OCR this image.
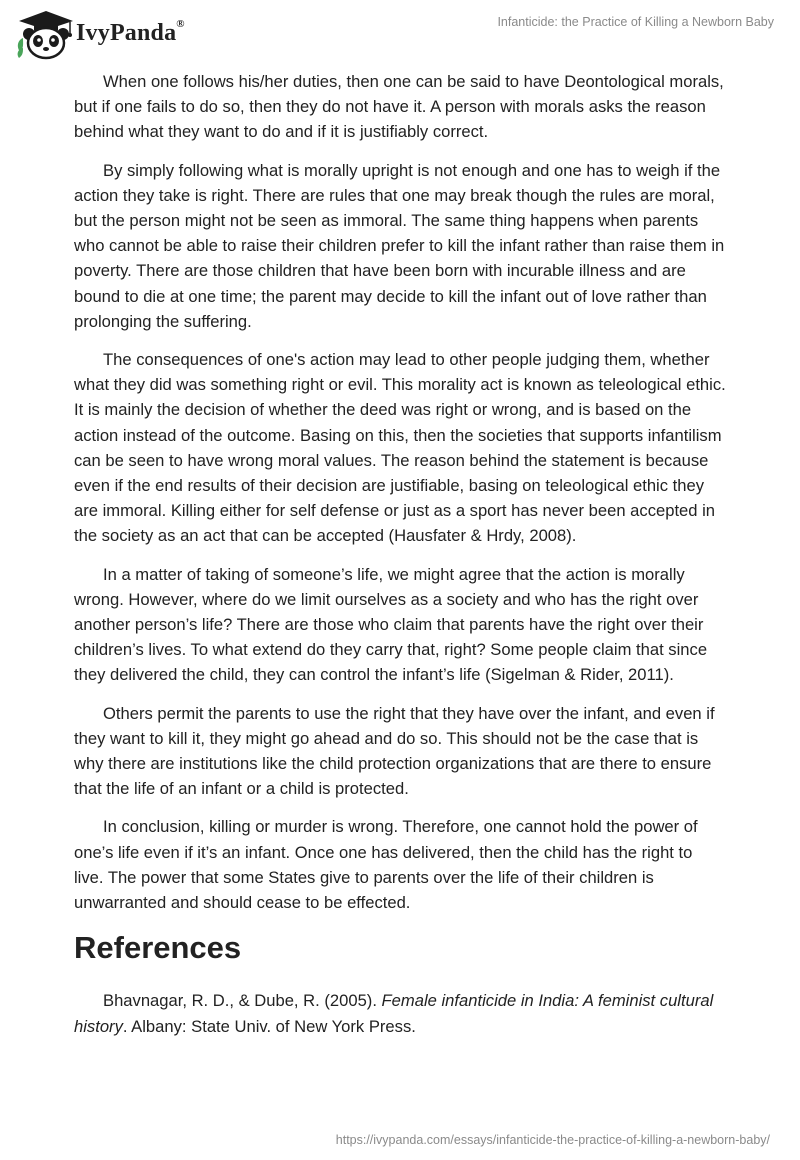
IvyPanda®	Infanticide: the Practice of Killing a Newborn Baby

When one follows his/her duties, then one can be said to have Deontological morals, but if one fails to do so, then they do not have it. A person with morals asks the reason behind what they want to do and if it is justifiably correct.

By simply following what is morally upright is not enough and one has to weigh if the action they take is right. There are rules that one may break though the rules are moral, but the person might not be seen as immoral. The same thing happens when parents who cannot be able to raise their children prefer to kill the infant rather than raise them in poverty. There are those children that have been born with incurable illness and are bound to die at one time; the parent may decide to kill the infant out of love rather than prolonging the suffering.

The consequences of one's action may lead to other people judging them, whether what they did was something right or evil. This morality act is known as teleological ethic. It is mainly the decision of whether the deed was right or wrong, and is based on the action instead of the outcome. Basing on this, then the societies that supports infantilism can be seen to have wrong moral values. The reason behind the statement is because even if the end results of their decision are justifiable, basing on teleological ethic they are immoral. Killing either for self defense or just as a sport has never been accepted in the society as an act that can be accepted (Hausfater & Hrdy, 2008).

In a matter of taking of someone’s life, we might agree that the action is morally wrong. However, where do we limit ourselves as a society and who has the right over another person’s life? There are those who claim that parents have the right over their children’s lives. To what extend do they carry that, right? Some people claim that since they delivered the child, they can control the infant’s life (Sigelman & Rider, 2011).

Others permit the parents to use the right that they have over the infant, and even if they want to kill it, they might go ahead and do so. This should not be the case that is why there are institutions like the child protection organizations that are there to ensure that the life of an infant or a child is protected.

In conclusion, killing or murder is wrong. Therefore, one cannot hold the power of one’s life even if it’s an infant. Once one has delivered, then the child has the right to live. The power that some States give to parents over the life of their children is unwarranted and should cease to be effected.

References

Bhavnagar, R. D., & Dube, R. (2005). Female infanticide in India: A feminist cultural history. Albany: State Univ. of New York Press.

https://ivypanda.com/essays/infanticide-the-practice-of-killing-a-newborn-baby/
